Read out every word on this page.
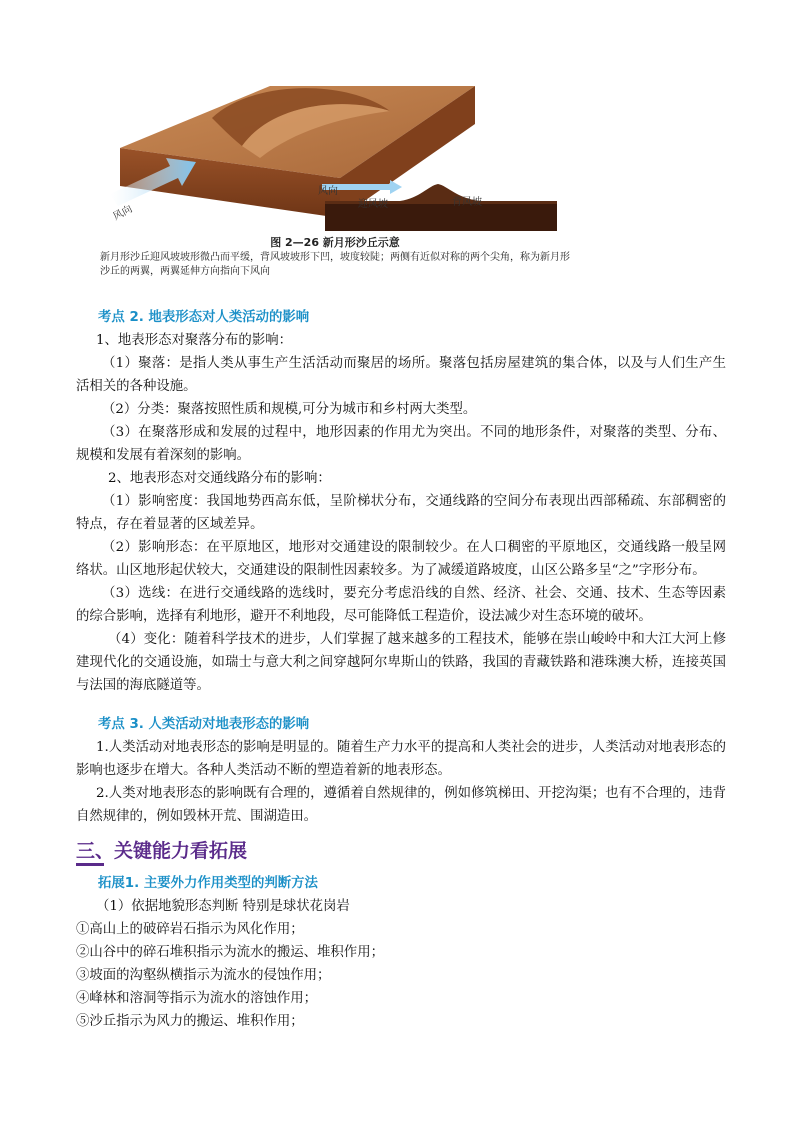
风向
风向
迎风坡	背风坡
图 2—26 新月形沙丘示意
新月形沙丘迎风坡坡形微凸而平缓，背风坡坡形下凹，坡度较陡；两侧有近似对称的两个尖角，称为新月形沙丘的两翼，两翼延伸方向指向下风向

考点 2. 地表形态对人类活动的影响

1、地表形态对聚落分布的影响：

（1）聚落：是指人类从事生产生活活动而聚居的场所。聚落包括房屋建筑的集合体，以及与人们生产生活相关的各种设施。

（2）分类：聚落按照性质和规模,可分为城市和乡村两大类型。

（3）在聚落形成和发展的过程中，地形因素的作用尤为突出。不同的地形条件，对聚落的类型、分布、规模和发展有着深刻的影响。

2、地表形态对交通线路分布的影响：

（1）影响密度：我国地势西高东低，呈阶梯状分布，交通线路的空间分布表现出西部稀疏、东部稠密的特点，存在着显著的区域差异。

（2）影响形态：在平原地区，地形对交通建设的限制较少。在人口稠密的平原地区，交通线路一般呈网络状。山区地形起伏较大，交通建设的限制性因素较多。为了减缓道路坡度，山区公路多呈“之”字形分布。

（3）选线：在进行交通线路的选线时，要充分考虑沿线的自然、经济、社会、交通、技术、生态等因素的综合影响，选择有利地形，避开不利地段，尽可能降低工程造价，设法减少对生态环境的破坏。

（4）变化：随着科学技术的进步，人们掌握了越来越多的工程技术，能够在崇山峻岭中和大江大河上修建现代化的交通设施，如瑞士与意大利之间穿越阿尔卑斯山的铁路，我国的青藏铁路和港珠澳大桥，连接英国与法国的海底隧道等。

考点 3. 人类活动对地表形态的影响

1.人类活动对地表形态的影响是明显的。随着生产力水平的提高和人类社会的进步，人类活动对地表形态的影响也逐步在增大。各种人类活动不断的塑造着新的地表形态。

2.人类对地表形态的影响既有合理的，遵循着自然规律的，例如修筑梯田、开挖沟渠；也有不合理的，违背自然规律的，例如毁林开荒、围湖造田。

三、关键能力看拓展

拓展1. 主要外力作用类型的判断方法

（1）依据地貌形态判断 特别是球状花岗岩

①高山上的破碎岩石指示为风化作用；

②山谷中的碎石堆积指示为流水的搬运、堆积作用；

③坡面的沟壑纵横指示为流水的侵蚀作用；

④峰林和溶洞等指示为流水的溶蚀作用；

⑤沙丘指示为风力的搬运、堆积作用；
